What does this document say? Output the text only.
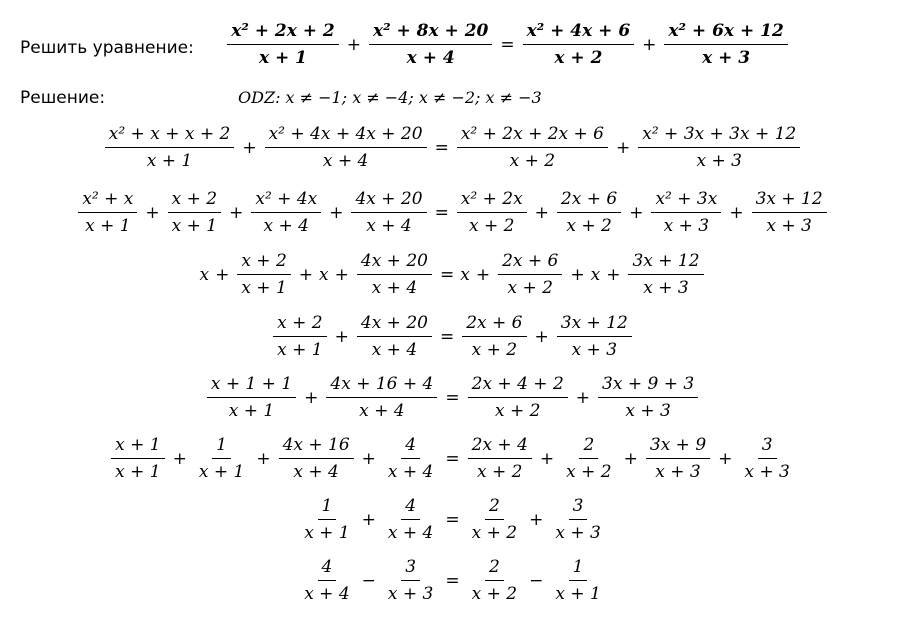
Решить уравнение:
Решение:	ODZ: x ≠ −1; x ≠ −4; x ≠ −2; x ≠ −3
$\frac{\text{x² + 2x + 2}}{x + 1} + \frac{\text{x² + 8x + 20}}{x + 4} = \frac{\text{x² + 4x + 6}}{x + 2} + \frac{\text{x² + 6x + 12}}{x + 3}$
$\frac{\text{x² + x + x + 2}}{x + 1} + \frac{\text{x² + 4x + 4x + 20}}{x + 4} = \frac{\text{x² + 2x + 2x + 6}}{x + 2} + \frac{\text{x² + 3x + 3x + 12}}{x + 3}$
$\frac{\text{x² + x}}{x + 1} + \frac{x + 2}{x + 1} + \frac{\text{x² + 4x}}{x + 4} + \frac{4x + 20}{x + 4} = \frac{\text{x² + 2x}}{x + 2} + \frac{2x + 6}{x + 2} + \frac{\text{x² + 3x}}{x + 3} + \frac{3x + 12}{x + 3}$
$x + \frac{x + 2}{x + 1} + x + \frac{4x + 20}{x + 4} = x + \frac{2x + 6}{x + 2} + x + \frac{3x + 12}{x + 3}$
$\frac{x + 2}{x + 1} + \frac{4x + 20}{x + 4} = \frac{2x + 6}{x + 2} + \frac{3x + 12}{x + 3}$
$\frac{x + 1 + 1}{x + 1} + \frac{4x + 16 + 4}{x + 4} = \frac{2x + 4 + 2}{x + 2} + \frac{3x + 9 + 3}{x + 3}$
$\frac{x + 1}{x + 1} + \frac{1}{x + 1} + \frac{4x + 16}{x + 4} + \frac{4}{x + 4} = \frac{2x + 4}{x + 2} + \frac{2}{x + 2} + \frac{3x + 9}{x + 3} + \frac{3}{x + 3}$
$\frac{1}{x + 1} + \frac{4}{x + 4} = \frac{2}{x + 2} + \frac{3}{x + 3}$
$\frac{4}{x + 4} - \frac{3}{x + 3} = \frac{2}{x + 2} - \frac{1}{x + 1}$
